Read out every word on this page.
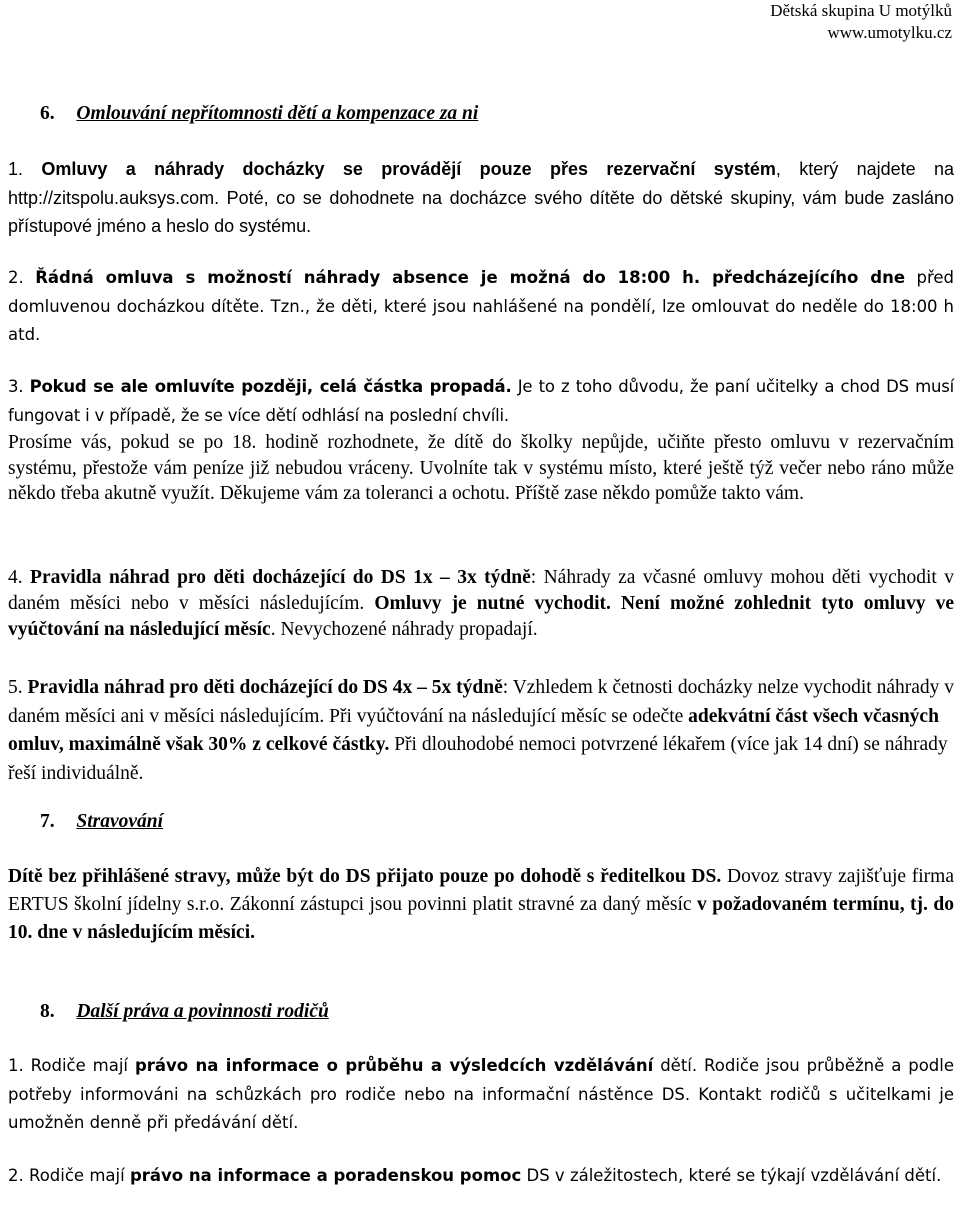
Dětská skupina U motýlků
www.umotylku.cz
6. Omlouvání nepřítomnosti dětí a kompenzace za ni
1. Omluvy a náhrady docházky se provádějí pouze přes rezervační systém, který najdete na http://zitspolu.auksys.com. Poté, co se dohodnete na docházce svého dítěte do dětské skupiny, vám bude zasláno přístupové jméno a heslo do systému.
2. Řádná omluva s možností náhrady absence je možná do 18:00 h. předcházejícího dne před domluvenou docházkou dítěte. Tzn., že děti, které jsou nahlášené na pondělí, lze omlouvat do neděle do 18:00 h atd.

3. Pokud se ale omluvíte později, celá částka propadá. Je to z toho důvodu, že paní učitelky a chod DS musí fungovat i v případě, že se více dětí odhlásí na poslední chvíli.

Prosíme vás, pokud se po 18. hodině rozhodnete, že dítě do školky nepůjde, učiňte přesto omluvu v rezervačním systému, přestože vám peníze již nebudou vráceny. Uvolníte tak v systému místo, které ještě týž večer nebo ráno může někdo třeba akutně využít. Děkujeme vám za toleranci a ochotu. Příště zase někdo pomůže takto vám.
4. Pravidla náhrad pro děti docházející do DS 1x – 3x týdně: Náhrady za včasné omluvy mohou děti vychodit v daném měsíci nebo v měsíci následujícím. Omluvy je nutné vychodit. Není možné zohlednit tyto omluvy ve vyúčtování na následující měsíc. Nevychozené náhrady propadají.
5. Pravidla náhrad pro děti docházející do DS 4x – 5x týdně: Vzhledem k četnosti docházky nelze vychodit náhrady v daném měsíci ani v měsíci následujícím. Při vyúčtování na následující měsíc se odečte adekvátní část všech včasných omluv, maximálně však 30% z celkové částky. Při dlouhodobé nemoci potvrzené lékařem (více jak 14 dní) se náhrady řeší individuálně.
7. Stravování
Dítě bez přihlášené stravy, může být do DS přijato pouze po dohodě s ředitelkou DS. Dovoz stravy zajišťuje firma ERTUS školní jídelny s.r.o. Zákonní zástupci jsou povinni platit stravné za daný měsíc v požadovaném termínu, tj. do 10. dne v následujícím měsíci.
8. Další práva a povinnosti rodičů
1. Rodiče mají právo na informace o průběhu a výsledcích vzdělávání dětí. Rodiče jsou průběžně a podle potřeby informováni na schůzkách pro rodiče nebo na informační nástěnce DS. Kontakt rodičů s učitelkami je umožněn denně při předávání dětí.
2. Rodiče mají právo na informace a poradenskou pomoc DS v záležitostech, které se týkají vzdělávání dětí.
